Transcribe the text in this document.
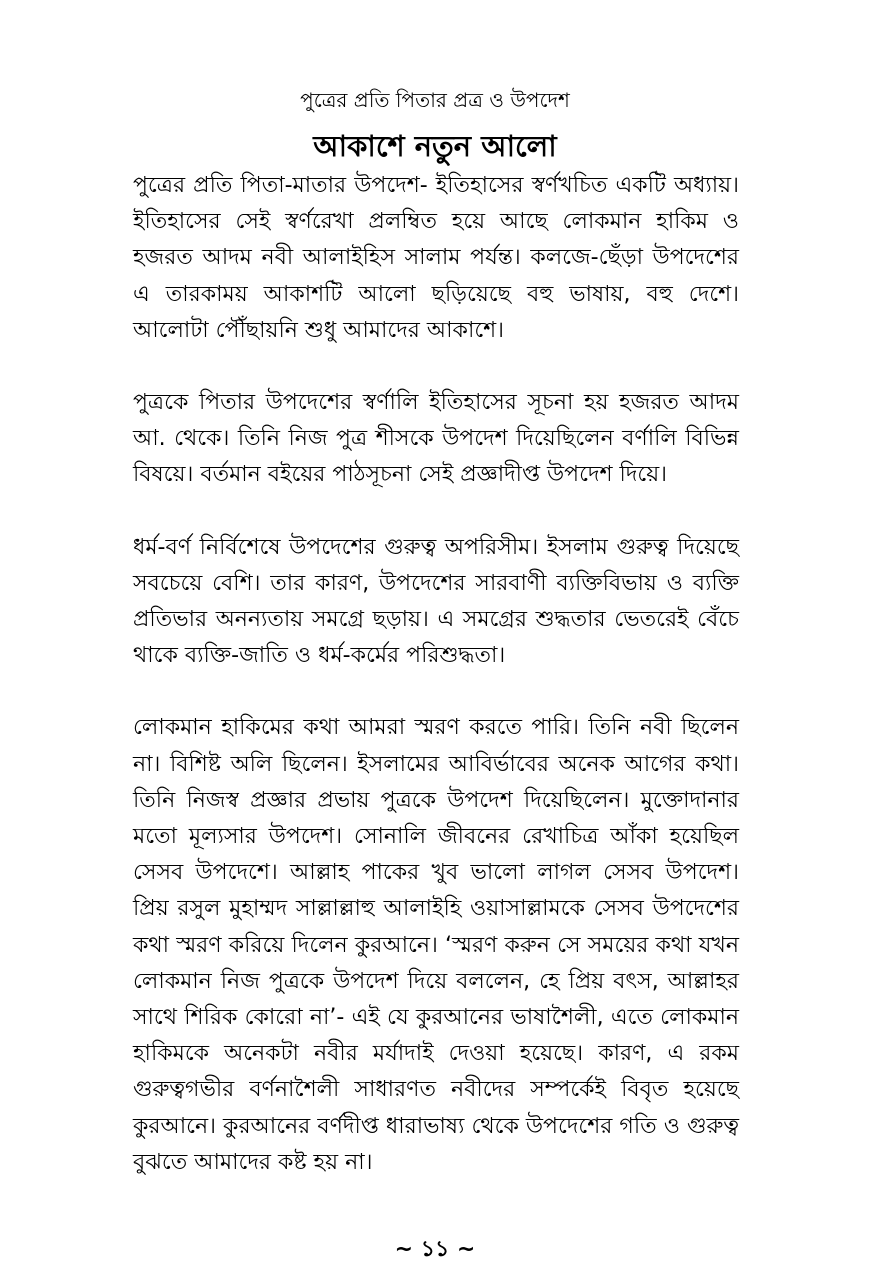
পুত্রের প্রতি পিতার প্রত্র ও উপদেশ
আকাশে নতুন আলো

পুত্রের প্রতি পিতা-মাতার উপদেশ- ইতিহাসের স্বর্ণখচিত একটি অধ্যায়। ইতিহাসের সেই স্বর্ণরেখা প্রলম্বিত হয়ে আছে লোকমান হাকিম ও হজরত আদম নবী আলাইহিস সালাম পর্যন্ত। কলজে-ছেঁড়া উপদেশের এ তারকাময় আকাশটি আলো ছড়িয়েছে বহু ভাষায়, বহু দেশে। আলোটা পৌঁছায়নি শুধু আমাদের আকাশে।

পুত্রকে পিতার উপদেশের স্বর্ণালি ইতিহাসের সূচনা হয় হজরত আদম আ. থেকে। তিনি নিজ পুত্র শীসকে উপদেশ দিয়েছিলেন বর্ণালি বিভিন্ন বিষয়ে। বর্তমান বইয়ের পাঠসূচনা সেই প্রজ্ঞাদীপ্ত উপদেশ দিয়ে।

ধর্ম-বর্ণ নির্বিশেষে উপদেশের গুরুত্ব অপরিসীম। ইসলাম গুরুত্ব দিয়েছে সবচেয়ে বেশি। তার কারণ, উপদেশের সারবাণী ব্যক্তিবিভায় ও ব্যক্তি প্রতিভার অনন্যতায় সমগ্রে ছড়ায়। এ সমগ্রের শুদ্ধতার ভেতরেই বেঁচে থাকে ব্যক্তি-জাতি ও ধর্ম-কর্মের পরিশুদ্ধতা।

লোকমান হাকিমের কথা আমরা স্মরণ করতে পারি। তিনি নবী ছিলেন না। বিশিষ্ট অলি ছিলেন। ইসলামের আবির্ভাবের অনেক আগের কথা। তিনি নিজস্ব প্রজ্ঞার প্রভায় পুত্রকে উপদেশ দিয়েছিলেন। মুক্তোদানার মতো মূল্যসার উপদেশ। সোনালি জীবনের রেখাচিত্র আঁকা হয়েছিল সেসব উপদেশে। আল্লাহ পাকের খুব ভালো লাগল সেসব উপদেশ। প্রিয় রসুল মুহাম্মদ সাল্লাল্লাহু আলাইহি ওয়াসাল্লামকে সেসব উপদেশের কথা স্মরণ করিয়ে দিলেন কুরআনে। ‘স্মরণ করুন সে সময়ের কথা যখন লোকমান নিজ পুত্রকে উপদেশ দিয়ে বললেন, হে প্রিয় বৎস, আল্লাহর সাথে শিরিক কোরো না’- এই যে কুরআনের ভাষাশৈলী, এতে লোকমান হাকিমকে অনেকটা নবীর মর্যাদাই দেওয়া হয়েছে। কারণ, এ রকম গুরুত্বগভীর বর্ণনাশৈলী সাধারণত নবীদের সম্পর্কেই বিবৃত হয়েছে কুরআনে। কুরআনের বর্ণদীপ্ত ধারাভাষ্য থেকে উপদেশের গতি ও গুরুত্ব বুঝতে আমাদের কষ্ট হয় না।

~ ১১ ~
